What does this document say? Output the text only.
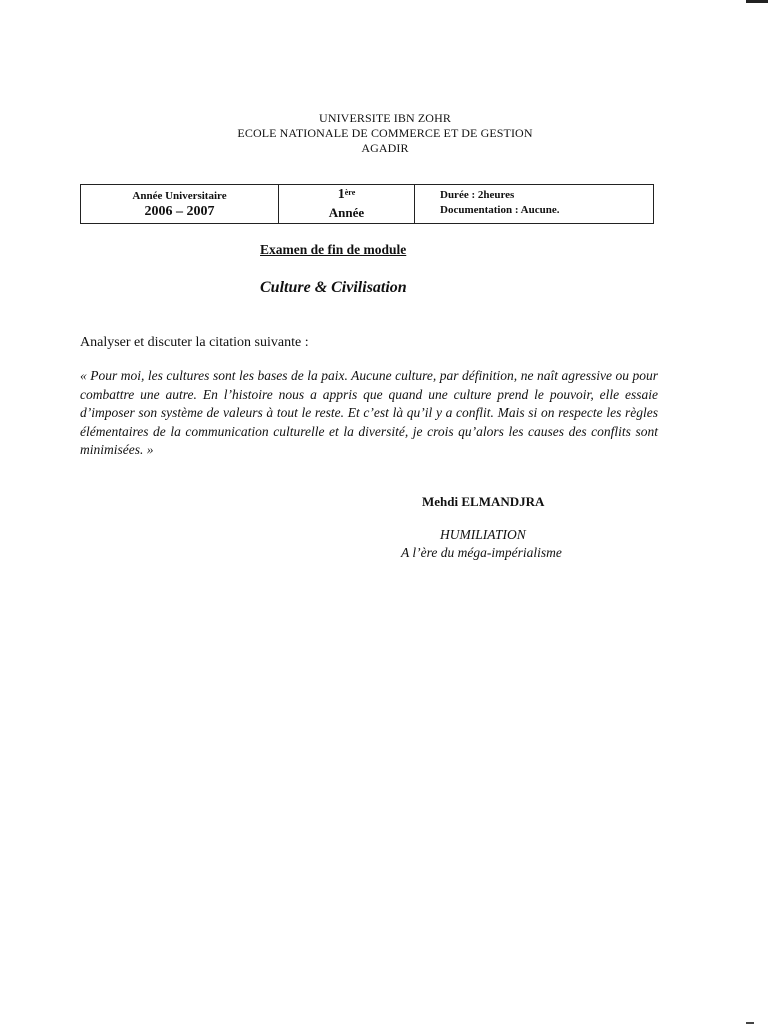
UNIVERSITE IBN ZOHR
ECOLE NATIONALE DE COMMERCE ET DE GESTION
AGADIR
Année Universitaire
2006 – 2007
1ère
Année
Durée : 2heures
Documentation : Aucune.
Examen de fin de module
Culture & Civilisation
Analyser et discuter la citation suivante :
« Pour moi, les cultures sont les bases de la paix. Aucune culture, par définition, ne naît agressive ou pour combattre une autre. En l’histoire nous a appris que quand une culture prend le pouvoir, elle essaie d’imposer son système de valeurs à tout le reste. Et c’est là qu’il y a conflit. Mais si on respecte les règles élémentaires de la communication culturelle et la diversité, je crois qu’alors les causes des conflits sont minimisées. »
Mehdi ELMANDJRA
HUMILIATION
A l’ère du méga-impérialisme
